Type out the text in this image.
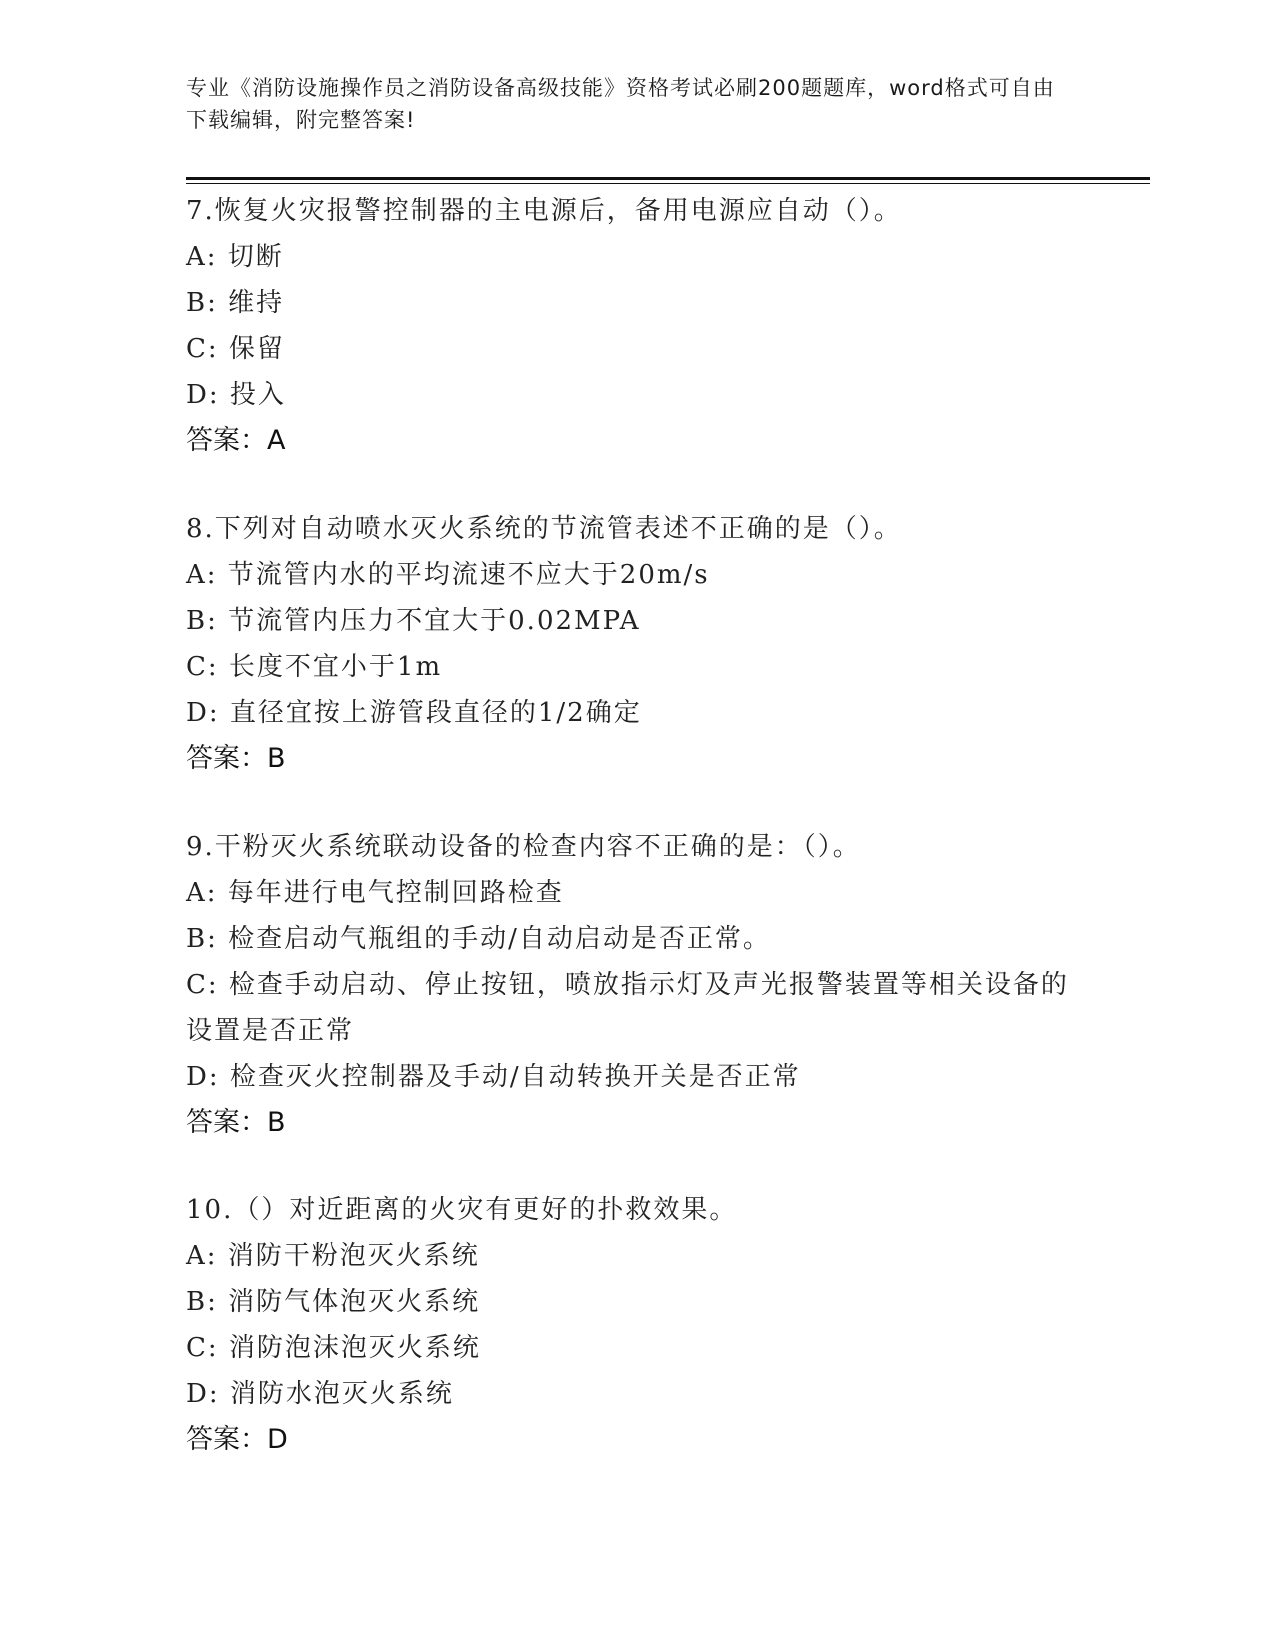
专业《消防设施操作员之消防设备高级技能》资格考试必刷200题题库，word格式可自由下载编辑，附完整答案!
7.恢复火灾报警控制器的主电源后，备用电源应自动（）。
A: 切断
B: 维持
C: 保留
D: 投入
答案：A
8.下列对自动喷水灭火系统的节流管表述不正确的是（）。
A: 节流管内水的平均流速不应大于20m/s
B: 节流管内压力不宜大于0.02MPA
C: 长度不宜小于1m
D: 直径宜按上游管段直径的1/2确定
答案：B
9.干粉灭火系统联动设备的检查内容不正确的是：（）。
A: 每年进行电气控制回路检查
B: 检查启动气瓶组的手动/自动启动是否正常。
C: 检查手动启动、停止按钮，喷放指示灯及声光报警装置等相关设备的设置是否正常
D: 检查灭火控制器及手动/自动转换开关是否正常
答案：B
10.（）对近距离的火灾有更好的扑救效果。
A: 消防干粉泡灭火系统
B: 消防气体泡灭火系统
C: 消防泡沫泡灭火系统
D: 消防水泡灭火系统
答案：D
